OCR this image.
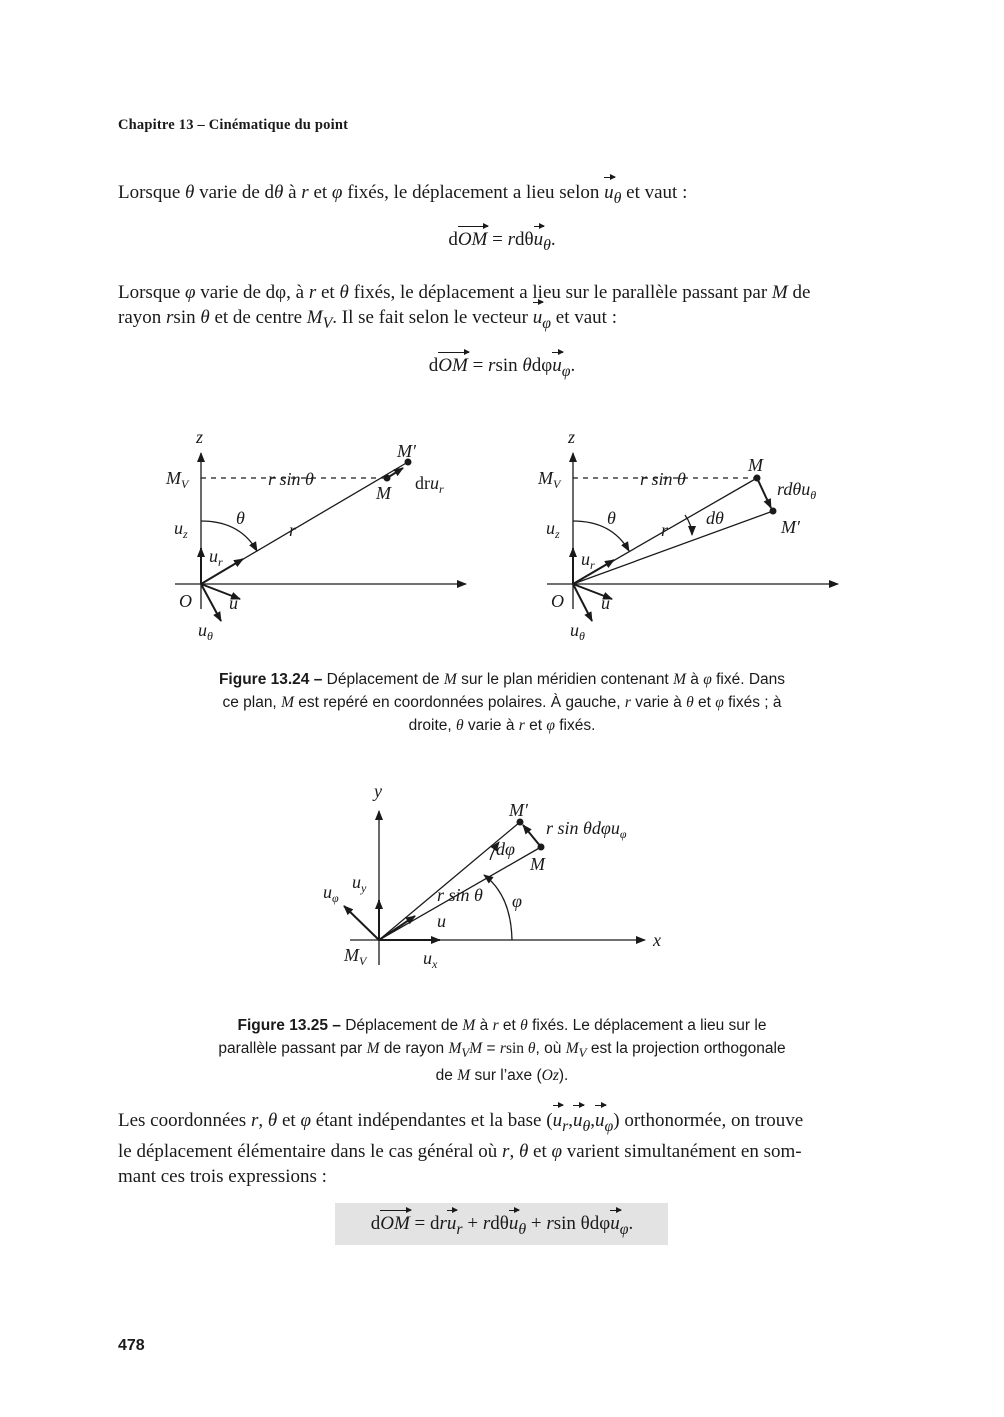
Chapitre 13 – Cinématique du point
Lorsque θ varie de dθ à r et φ fixés, le déplacement a lieu selon $u_\theta$ et vaut :
dOM = rdθu$_\theta$.
Lorsque φ varie de dφ, à r et θ fixés, le déplacement a lieu sur le parallèle passant par M de
rayon rsin θ et de centre $M_V$. Il se fait selon le vecteur $u_\varphi$ et vaut :
dOM = rsin θdφu$_\varphi$.
z
$M_V$	r sin θ
M′
M dru$_r$
θ
r
$u_z$
$u_r$
O u
$u_\theta$
z
$M_V$	r sin θ
M
rdθu$_\theta$
θ	dθ
r	M′
$u_z$
$u_r$
O u
$u_\theta$
Figure 13.24 – Déplacement de M sur le plan méridien contenant M à φ fixé. Dans
ce plan, M est repéré en coordonnées polaires. À gauche, r varie à θ et φ fixés ; à
droite, θ varie à r et φ fixés.
y
x
M′
M
r sin θdφu$_\varphi$
dφ
r sin θ φ
$u_\varphi$
$u_y$
u
$M_V$	$u_x$
Figure 13.25 – Déplacement de M à r et θ fixés. Le déplacement a lieu sur le
parallèle passant par M de rayon $M_VM = rsin$ θ, où $M_V$ est la projection orthogonale
de M sur l’axe (Oz).
Les coordonnées r, θ et φ étant indépendantes et la base $(u_r,u_\theta,u_\varphi)$ orthonormée, on trouve
le déplacement élémentaire dans le cas général où r, θ et φ varient simultanément en som-
mant ces trois expressions :
dOM = dru$_r$ + rdθu$_\theta$ + rsin θdφu$_\varphi$.
478
